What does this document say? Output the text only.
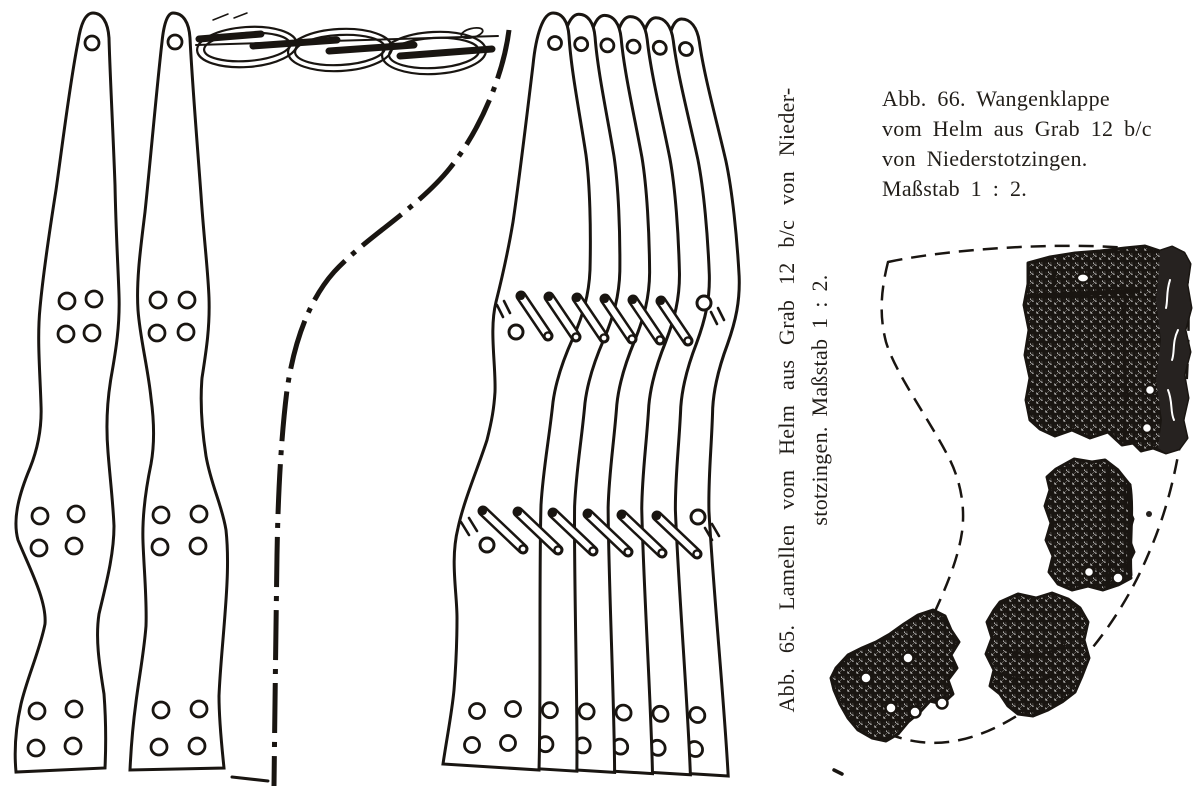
Abb. 65. Lamellen vom Helm aus Grab 12 b/c von Nieder- stotzingen. Maßstab 1 : 2.
Abb. 66. Wangenklappe
vom Helm aus Grab 12 b/c
von Niederstotzingen.
Maßstab 1 : 2.
